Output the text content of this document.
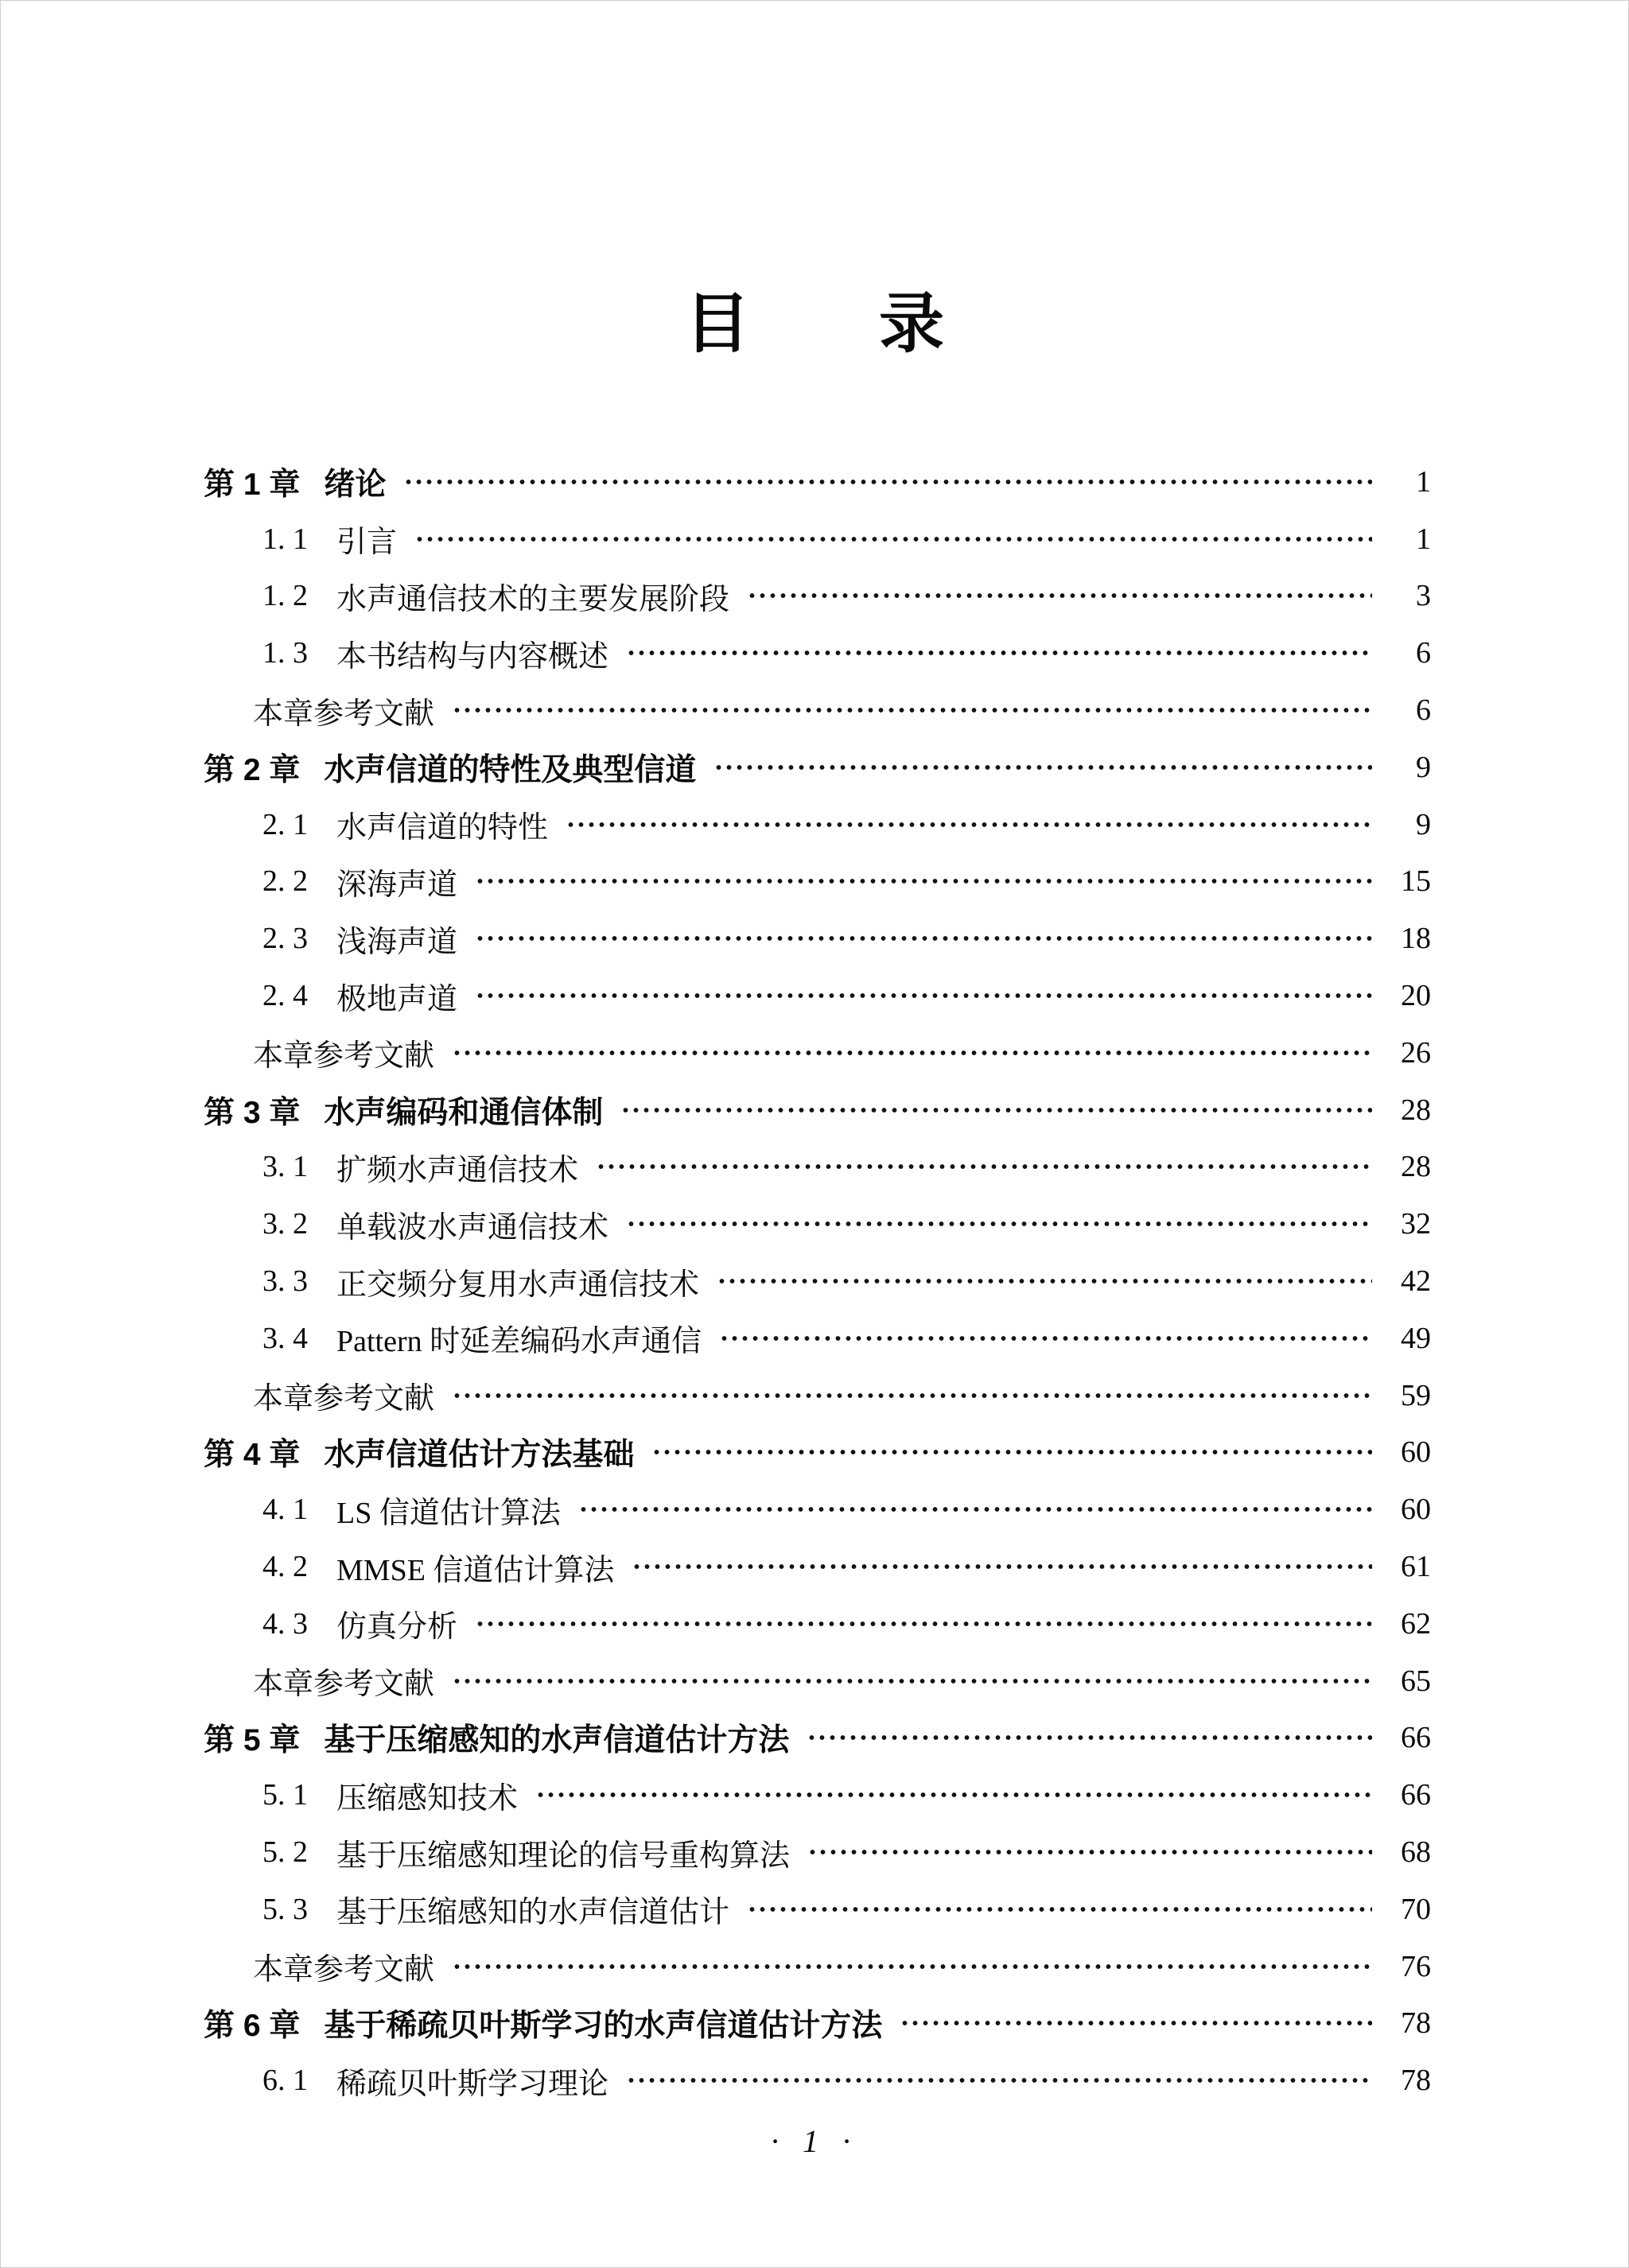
目 录
第 1 章 绪论	1
1. 1 引言	1
1. 2 水声通信技术的主要发展阶段	3
1. 3 本书结构与内容概述	6
本章参考文献	6
第 2 章 水声信道的特性及典型信道	9
2. 1 水声信道的特性	9
2. 2 深海声道	15
2. 3 浅海声道	18
2. 4 极地声道	20
本章参考文献	26
第 3 章 水声编码和通信体制	28
3. 1 扩频水声通信技术	28
3. 2 单载波水声通信技术	32
3. 3 正交频分复用水声通信技术	42
3. 4 Pattern 时延差编码水声通信	49
本章参考文献	59
第 4 章 水声信道估计方法基础	60
4. 1 LS 信道估计算法	60
4. 2 MMSE 信道估计算法	61
4. 3 仿真分析	62
本章参考文献	65
第 5 章 基于压缩感知的水声信道估计方法	66
5. 1 压缩感知技术	66
5. 2 基于压缩感知理论的信号重构算法	68
5. 3 基于压缩感知的水声信道估计	70
本章参考文献	76
第 6 章 基于稀疏贝叶斯学习的水声信道估计方法	78
6. 1 稀疏贝叶斯学习理论	78
· 1 ·
